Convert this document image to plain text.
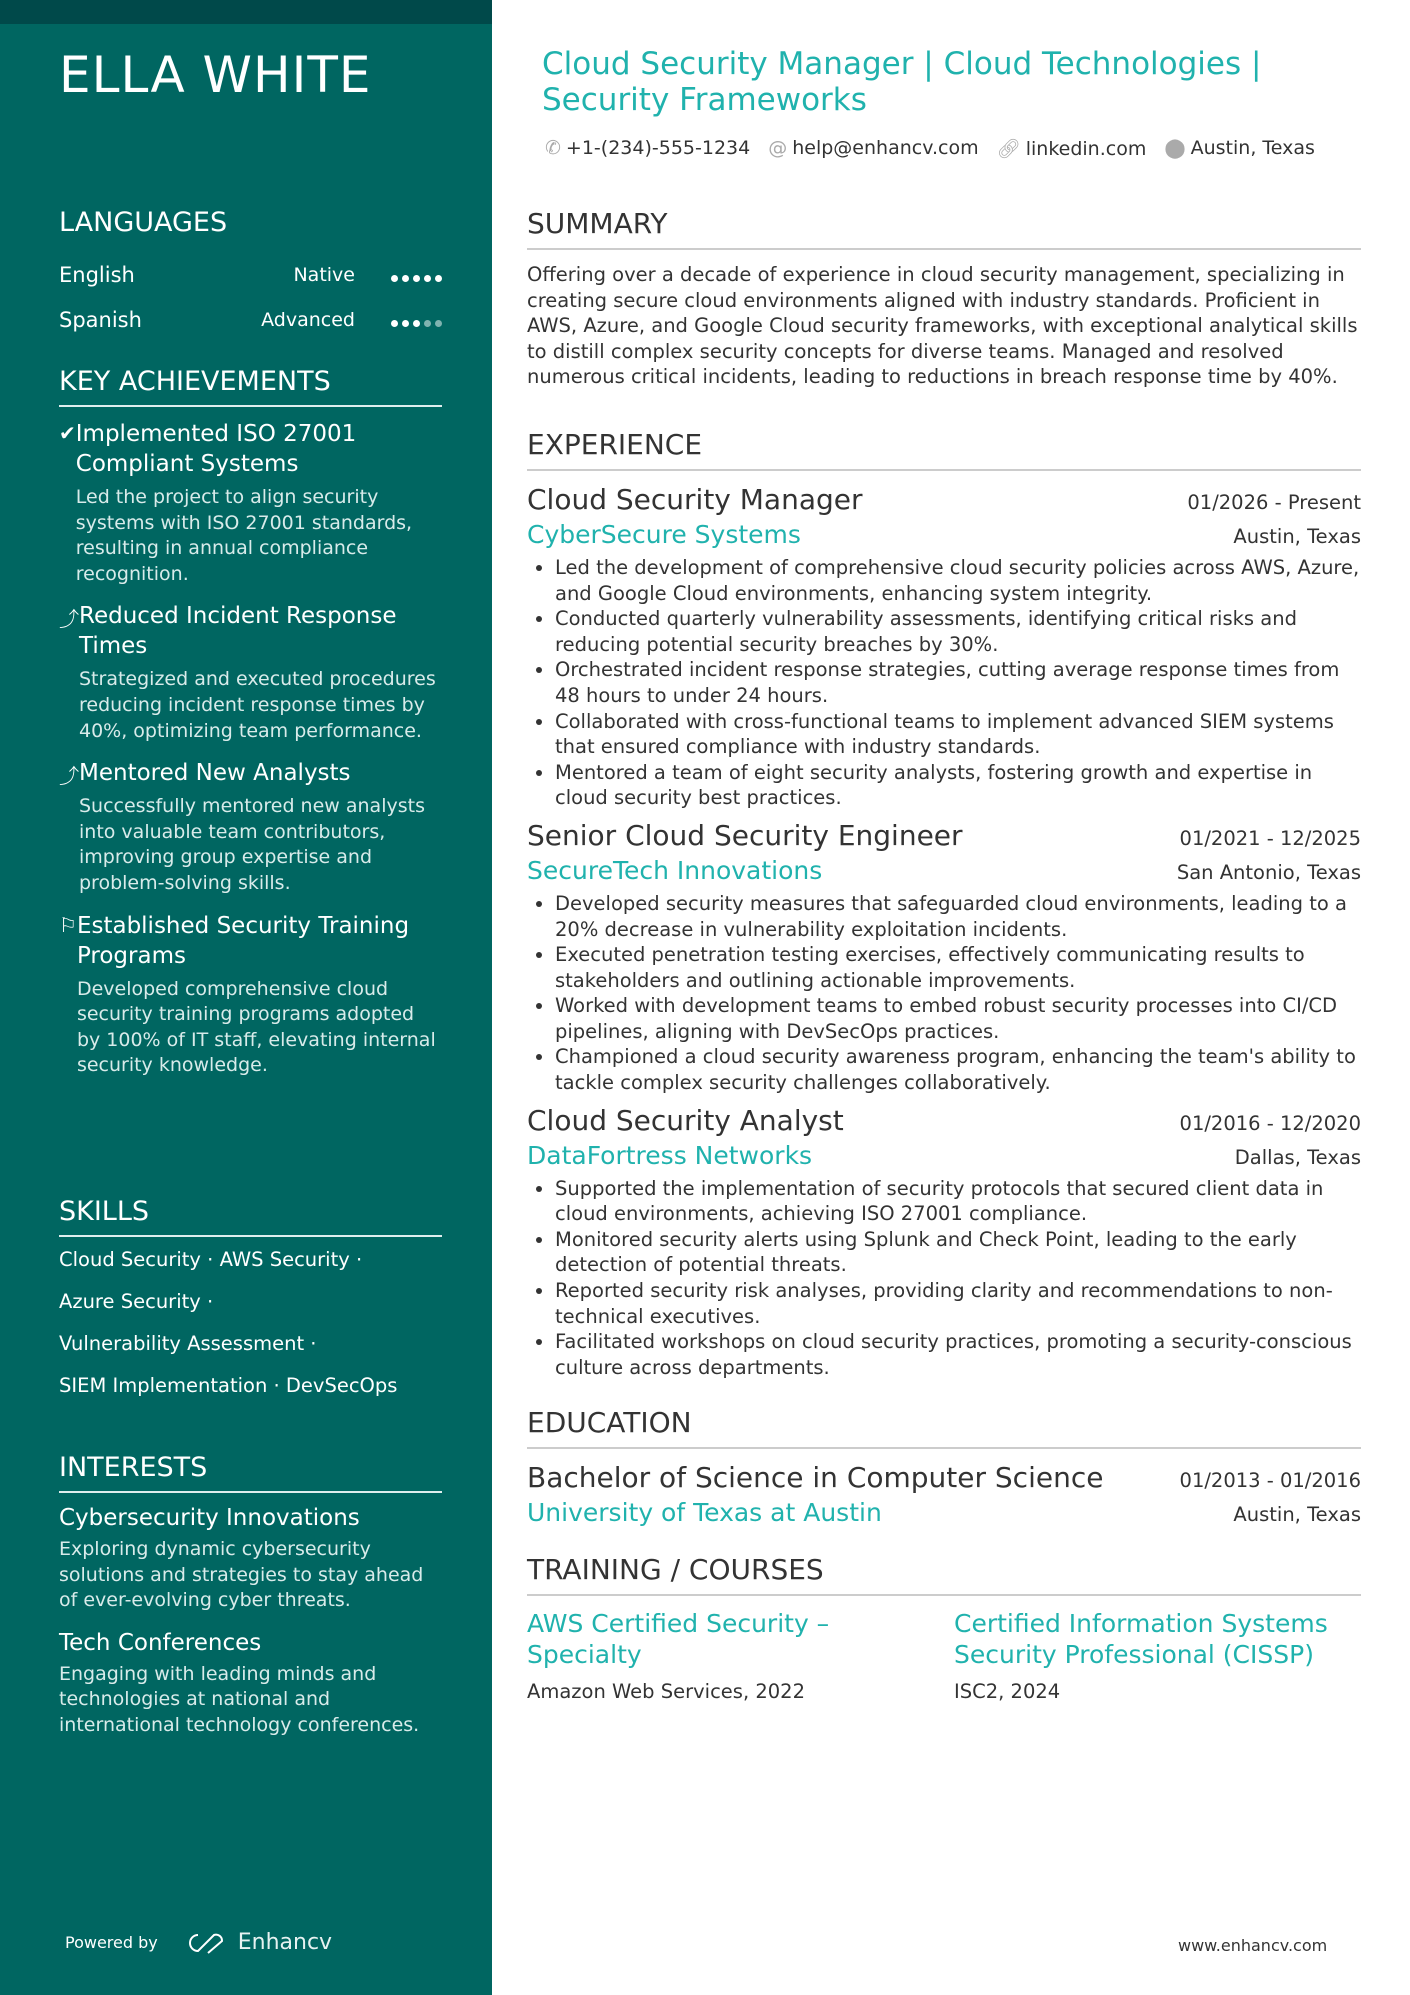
ELLA WHITE
LANGUAGES
English	Native
Spanish	Advanced
KEY ACHIEVEMENTS
✔ Implemented ISO 27001 Compliant Systems
Led the project to align security systems with ISO 27001 standards, resulting in annual compliance recognition.
⤴ Reduced Incident Response Times
Strategized and executed procedures reducing incident response times by 40%, optimizing team performance.
⤴ Mentored New Analysts
Successfully mentored new analysts into valuable team contributors, improving group expertise and problem-solving skills.
⚐ Established Security Training Programs
Developed comprehensive cloud security training programs adopted by 100% of IT staff, elevating internal security knowledge.
SKILLS
Cloud Security · AWS Security ·
Azure Security ·
Vulnerability Assessment ·
SIEM Implementation · DevSecOps
INTERESTS
Cybersecurity Innovations
Exploring dynamic cybersecurity solutions and strategies to stay ahead of ever-evolving cyber threats.
Tech Conferences
Engaging with leading minds and technologies at national and international technology conferences.
Powered by	Enhancv
Cloud Security Manager | Cloud Technologies | Security Frameworks
✆ +1-(234)-555-1234 @ help@enhancv.com 🔗︎ linkedin.com ⬤ Austin, Texas
SUMMARY
Offering over a decade of experience in cloud security management, specializing in creating secure cloud environments aligned with industry standards. Proficient in AWS, Azure, and Google Cloud security frameworks, with exceptional analytical skills to distill complex security concepts for diverse teams. Managed and resolved numerous critical incidents, leading to reductions in breach response time by 40%.
EXPERIENCE
Cloud Security Manager	01/2026 - Present
CyberSecure Systems	Austin, Texas
• Led the development of comprehensive cloud security policies across AWS, Azure, and Google Cloud environments, enhancing system integrity.
• Conducted quarterly vulnerability assessments, identifying critical risks and reducing potential security breaches by 30%.
• Orchestrated incident response strategies, cutting average response times from 48 hours to under 24 hours.
• Collaborated with cross-functional teams to implement advanced SIEM systems that ensured compliance with industry standards.
• Mentored a team of eight security analysts, fostering growth and expertise in cloud security best practices.
Senior Cloud Security Engineer	01/2021 - 12/2025
SecureTech Innovations	San Antonio, Texas
• Developed security measures that safeguarded cloud environments, leading to a 20% decrease in vulnerability exploitation incidents.
• Executed penetration testing exercises, effectively communicating results to stakeholders and outlining actionable improvements.
• Worked with development teams to embed robust security processes into CI/CD pipelines, aligning with DevSecOps practices.
• Championed a cloud security awareness program, enhancing the team's ability to tackle complex security challenges collaboratively.
Cloud Security Analyst	01/2016 - 12/2020
DataFortress Networks	Dallas, Texas
• Supported the implementation of security protocols that secured client data in cloud environments, achieving ISO 27001 compliance.
• Monitored security alerts using Splunk and Check Point, leading to the early detection of potential threats.
• Reported security risk analyses, providing clarity and recommendations to non-technical executives.
• Facilitated workshops on cloud security practices, promoting a security-conscious culture across departments.
EDUCATION
Bachelor of Science in Computer Science	01/2013 - 01/2016
University of Texas at Austin	Austin, Texas
TRAINING / COURSES
AWS Certified Security – Specialty
Amazon Web Services, 2022
Certified Information Systems Security Professional (CISSP)
ISC2, 2024
www.enhancv.com
